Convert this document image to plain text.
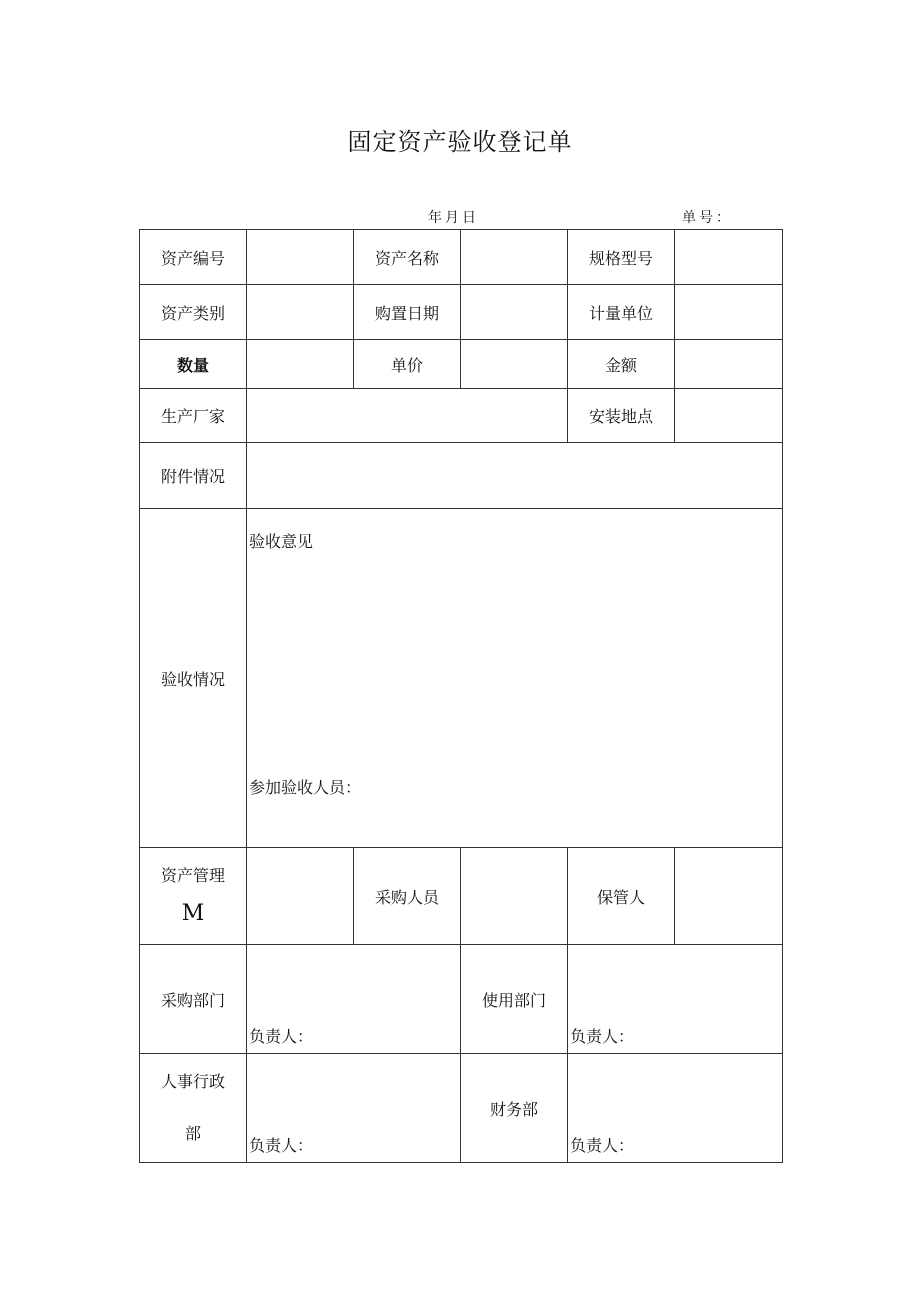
固定资产验收登记单
年月日	单号：
资产编号		资产名称		规格型号	
资产类别		购置日期		计量单位	
数量		单价		金额	
生产厂家				安装地点	
附件情况					
验收情况	验收意见
参加验收人员：				

资产管理
M		采购人员		保管人	
采购部门	负责人：		使用部门	负责人：	

人事行政
部	负责人：		财务部	负责人：	
